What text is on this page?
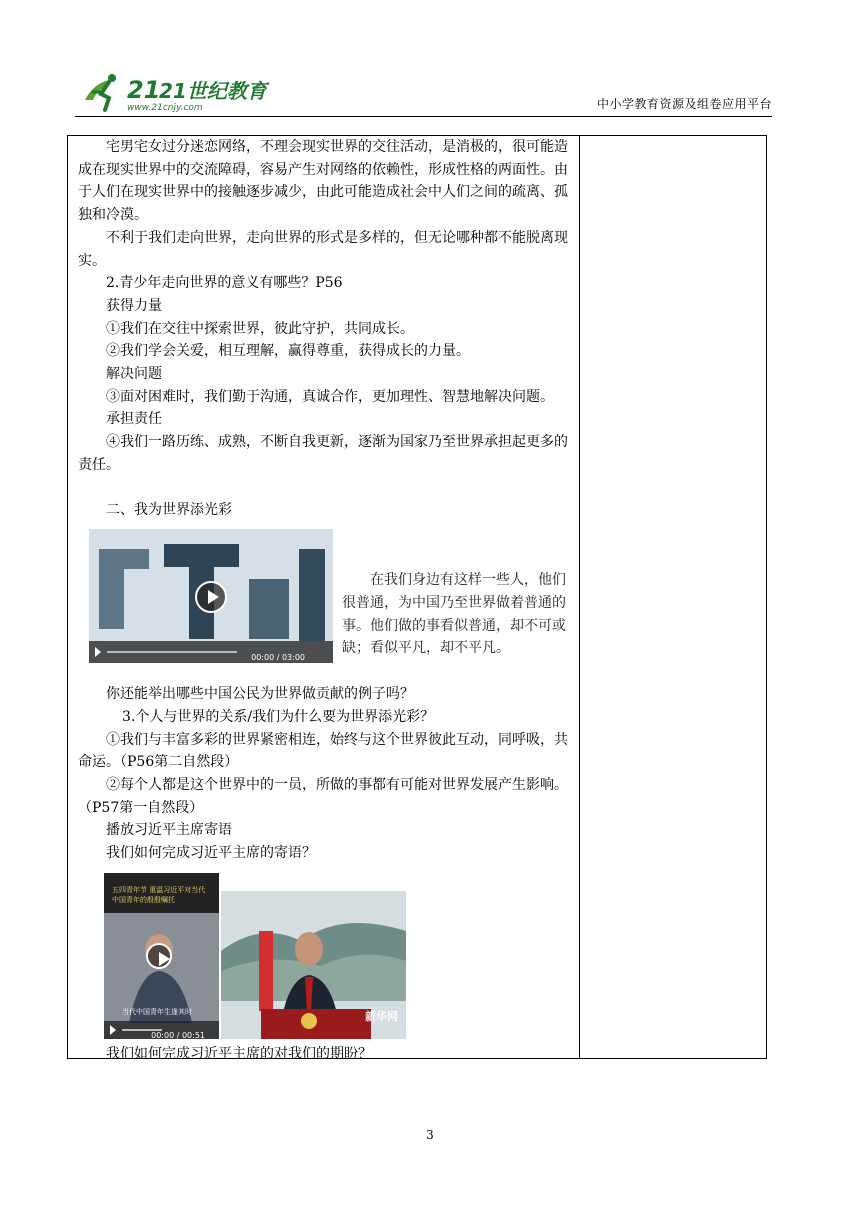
21
21世纪教育
www.21cnjy.com	中小学教育资源及组卷应用平台

宅男宅女过分迷恋网络，不理会现实世界的交往活动，是消极的，很可能造成在现实世界中的交流障碍，容易产生对网络的依赖性，形成性格的两面性。由于人们在现实世界中的接触逐步减少，由此可能造成社会中人们之间的疏离、孤独和冷漠。

不利于我们走向世界，走向世界的形式是多样的，但无论哪种都不能脱离现实。

2.青少年走向世界的意义有哪些？P56

获得力量

①我们在交往中探索世界，彼此守护，共同成长。

②我们学会关爱，相互理解，赢得尊重，获得成长的力量。

解决问题

③面对困难时，我们勤于沟通，真诚合作，更加理性、智慧地解决问题。

承担责任

④我们一路历练、成熟，不断自我更新，逐渐为国家乃至世界承担起更多的责任。

二、我为世界添光彩

00:00 / 03:00
在我们身边有这样一些人，他们很普通，为中国乃至世界做着普通的事。他们做的事看似普通，却不可或缺；看似平凡，却不平凡。

你还能举出哪些中国公民为世界做贡献的例子吗？

3.个人与世界的关系/我们为什么要为世界添光彩？

①我们与丰富多彩的世界紧密相连，始终与这个世界彼此互动，同呼吸，共命运。（P56第二自然段）

②每个人都是这个世界中的一员，所做的事都有可能对世界发展产生影响。（P57第一自然段）

播放习近平主席寄语

我们如何完成习近平主席的寄语？

五四青年节 重温习近平对当代中国青年的殷殷嘱托
当代中国青年生逢其时
00:00 / 00:51
新华网

我们如何完成习近平主席的对我们的期盼？

3
